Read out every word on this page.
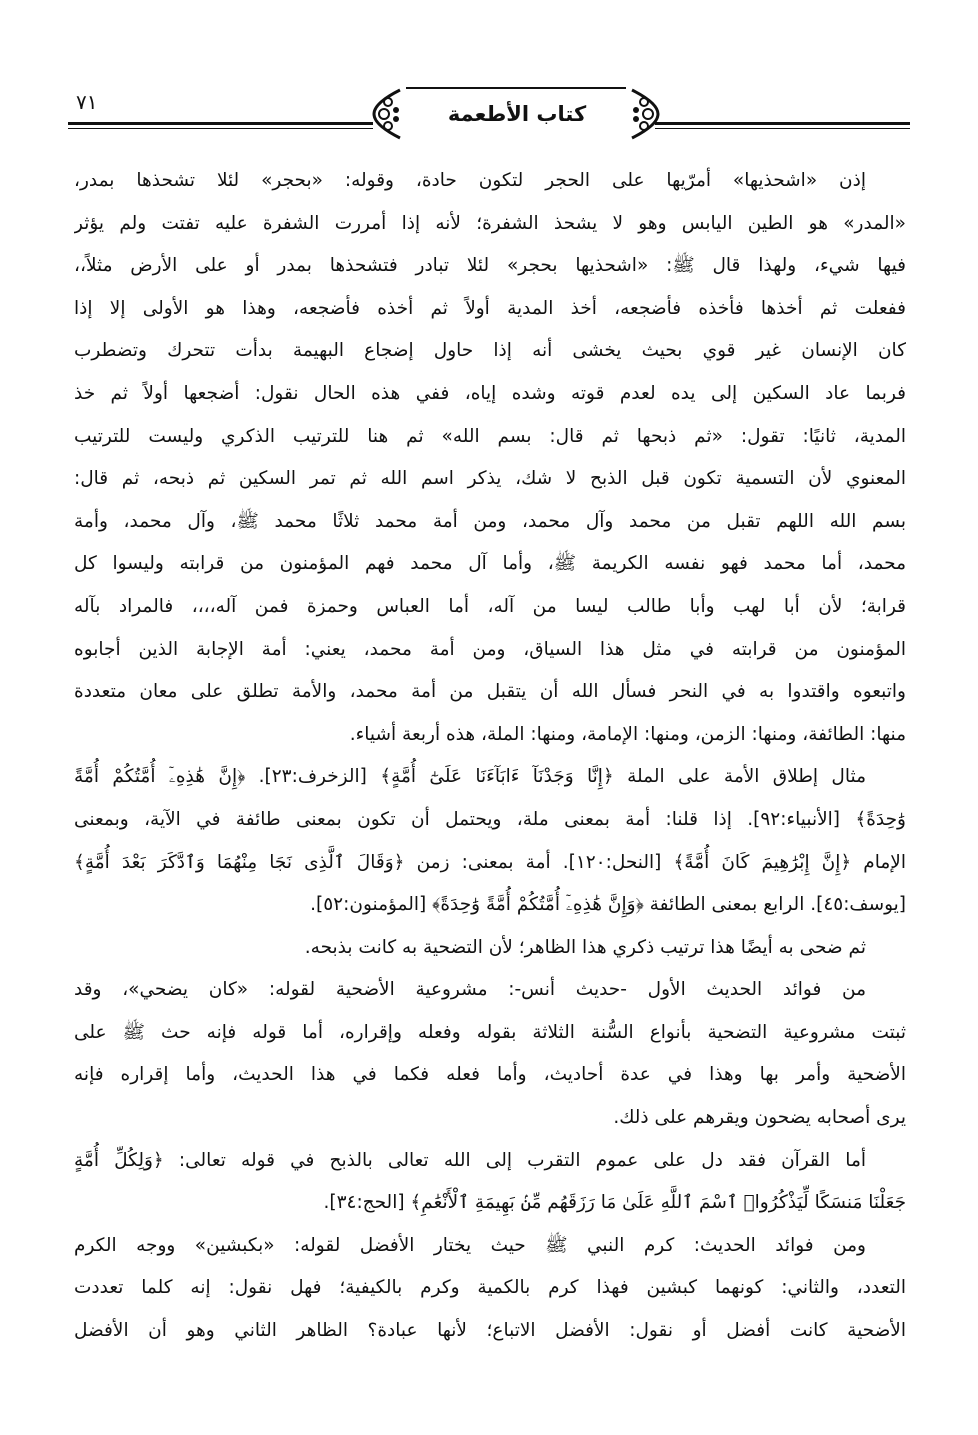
كتاب الأطعمة
٧١
إذن «اشحذيها» أمرّيها على الحجر لتكون حادة، وقوله: «بحجر» لئلا تشحذها بمدر،
«المدر» هو الطين اليابس وهو لا يشحذ الشفرة؛ لأنه إذا أمررت الشفرة عليه تفتت ولم يؤثر
فيها شيء، ولهذا قال ﷺ: «اشحذيها بحجر» لئلا تبادر فتشحذها بمدر أو على الأرض مثلاً،،
ففعلت ثم أخذها فأخذه فأضجعه، أخذ المدية أولاً ثم أخذه فأضجعه، وهذا هو الأولى إلا إذا
كان الإنسان غير قوي بحيث يخشى أنه إذا حاول إضجاع البهيمة بدأت تتحرك وتضطرب
فربما عاد السكين إلى يده لعدم قوته وشده إياه، ففي هذه الحال نقول: أضجعها أولاً ثم خذ
المدية، ثانيًا: تقول: «ثم ذبحها ثم قال: بسم الله» ثم هنا للترتيب الذكري وليست للترتيب
المعنوي لأن التسمية تكون قبل الذبح لا شك، يذكر اسم الله ثم تمر السكين ثم ذبحه، ثم قال:
بسم الله اللهم تقبل من محمد وآل محمد، ومن أمة محمد ثلاثًا محمد ﷺ، وآل محمد، وأمة
محمد، أما محمد فهو نفسه الكريمة ﷺ، وأما آل محمد فهم المؤمنون من قرابته وليسوا كل
قرابة؛ لأن أبا لهب وأبا طالب ليسا من آله، أما العباس وحمزة فمن آله،،،، فالمراد بآله
المؤمنون من قرابته في مثل هذا السياق، ومن أمة محمد، يعني: أمة الإجابة الذين أجابوه
واتبعوه واقتدوا به في النحر فسأل الله أن يتقبل من أمة محمد، والأمة تطلق على معان متعددة
منها: الطائفة، ومنها: الزمن، ومنها: الإمامة، ومنها: الملة، هذه أربعة أشياء.
مثال إطلاق الأمة على الملة ﴿إِنَّا وَجَدْنَآ ءَابَآءَنَا عَلَىٰٓ أُمَّةٍ﴾ [الزخرف:٢٣]. ﴿إِنَّ هَٰذِهِۦٓ أُمَّتُكُمْ أُمَّةً
وَٰحِدَةً﴾ [الأنبياء:٩٢]. إذا قلنا: أمة بمعنى ملة، ويحتمل أن تكون بمعنى طائفة في الآية، وبمعنى
الإمام ﴿إِنَّ إِبْرَٰهِيمَ كَانَ أُمَّةً﴾ [النحل:١٢٠]. أمة بمعنى: زمن ﴿وَقَالَ ٱلَّذِى نَجَا مِنْهُمَا وَٱدَّكَرَ بَعْدَ أُمَّةٍ﴾
[يوسف:٤٥]. الرابع بمعنى الطائفة ﴿وَإِنَّ هَٰذِهِۦٓ أُمَّتُكُمْ أُمَّةً وَٰحِدَةً﴾ [المؤمنون:٥٢].
ثم ضحى به أيضًا هذا ترتيب ذكري هذا الظاهر؛ لأن التضحية به كانت بذبحه.
من فوائد الحديث الأول -حديث أنس-: مشروعية الأضحية لقوله: «كان يضحي»، وقد
ثبتت مشروعية التضحية بأنواع السُّنة الثلاثة بقوله وفعله وإقراره، أما قوله فإنه حث ﷺ على
الأضحية وأمر بها وهذا في عدة أحاديث، وأما فعله فكما في هذا الحديث، وأما إقراره فإنه
يرى أصحابه يضحون ويقرهم على ذلك.
أما القرآن فقد دل على عموم التقرب إلى الله تعالى بالذبح في قوله تعالى: ﴿وَلِكُلِّ أُمَّةٍ
جَعَلْنَا مَنسَكًا لِّيَذْكُرُوا۟ ٱسْمَ ٱللَّهِ عَلَىٰ مَا رَزَقَهُم مِّنۢ بَهِيمَةِ ٱلْأَنْعَٰمِ﴾ [الحج:٣٤].
ومن فوائد الحديث: كرم النبي ﷺ حيث يختار الأفضل لقوله: «بكبشين» ووجه الكرم
التعدد، والثاني: كونهما كبشين فهذا كرم بالكمية وكرم بالكيفية؛ فهل نقول: إنه كلما تعددت
الأضحية كانت أفضل أو نقول: الأفضل الاتباع؛ لأنها عبادة؟ الظاهر الثاني وهو أن الأفضل
